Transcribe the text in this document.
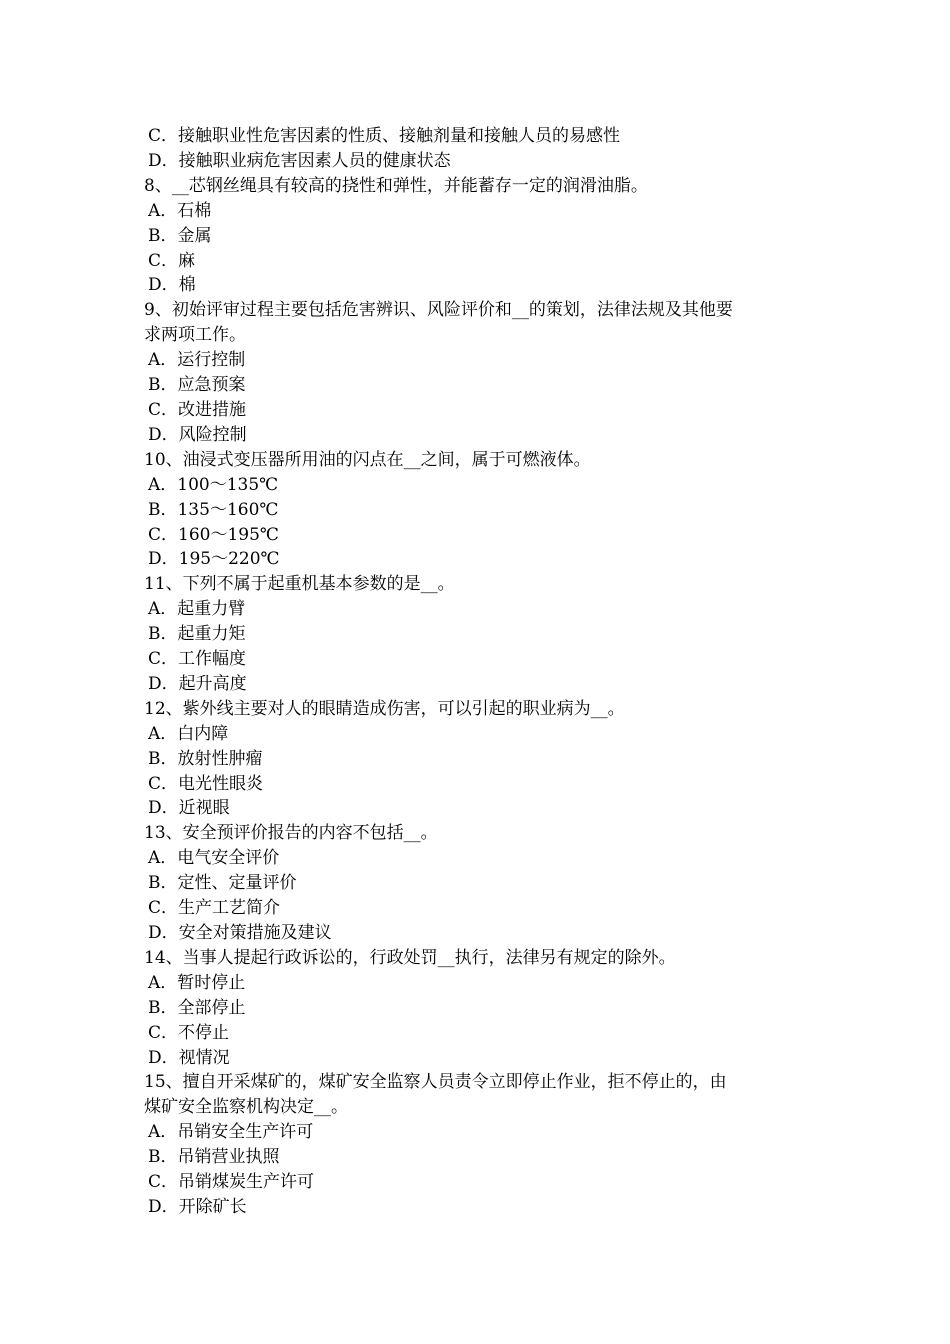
C．接触职业性危害因素的性质、接触剂量和接触人员的易感性
D．接触职业病危害因素人员的健康状态
8、__芯钢丝绳具有较高的挠性和弹性，并能蓄存一定的润滑油脂。
A．石棉
B．金属
C．麻
D．棉
9、初始评审过程主要包括危害辨识、风险评价和__的策划，法律法规及其他要
求两项工作。
A．运行控制
B．应急预案
C．改进措施
D．风险控制
10、油浸式变压器所用油的闪点在__之间，属于可燃液体。
A．100～135℃
B．135～160℃
C．160～195℃
D．195～220℃
11、下列不属于起重机基本参数的是__。
A．起重力臂
B．起重力矩
C．工作幅度
D．起升高度
12、紫外线主要对人的眼睛造成伤害，可以引起的职业病为__。
A．白内障
B．放射性肿瘤
C．电光性眼炎
D．近视眼
13、安全预评价报告的内容不包括__。
A．电气安全评价
B．定性、定量评价
C．生产工艺简介
D．安全对策措施及建议
14、当事人提起行政诉讼的，行政处罚__执行，法律另有规定的除外。
A．暂时停止
B．全部停止
C．不停止
D．视情况
15、擅自开采煤矿的，煤矿安全监察人员责令立即停止作业，拒不停止的，由
煤矿安全监察机构决定__。
A．吊销安全生产许可
B．吊销营业执照
C．吊销煤炭生产许可
D．开除矿长
